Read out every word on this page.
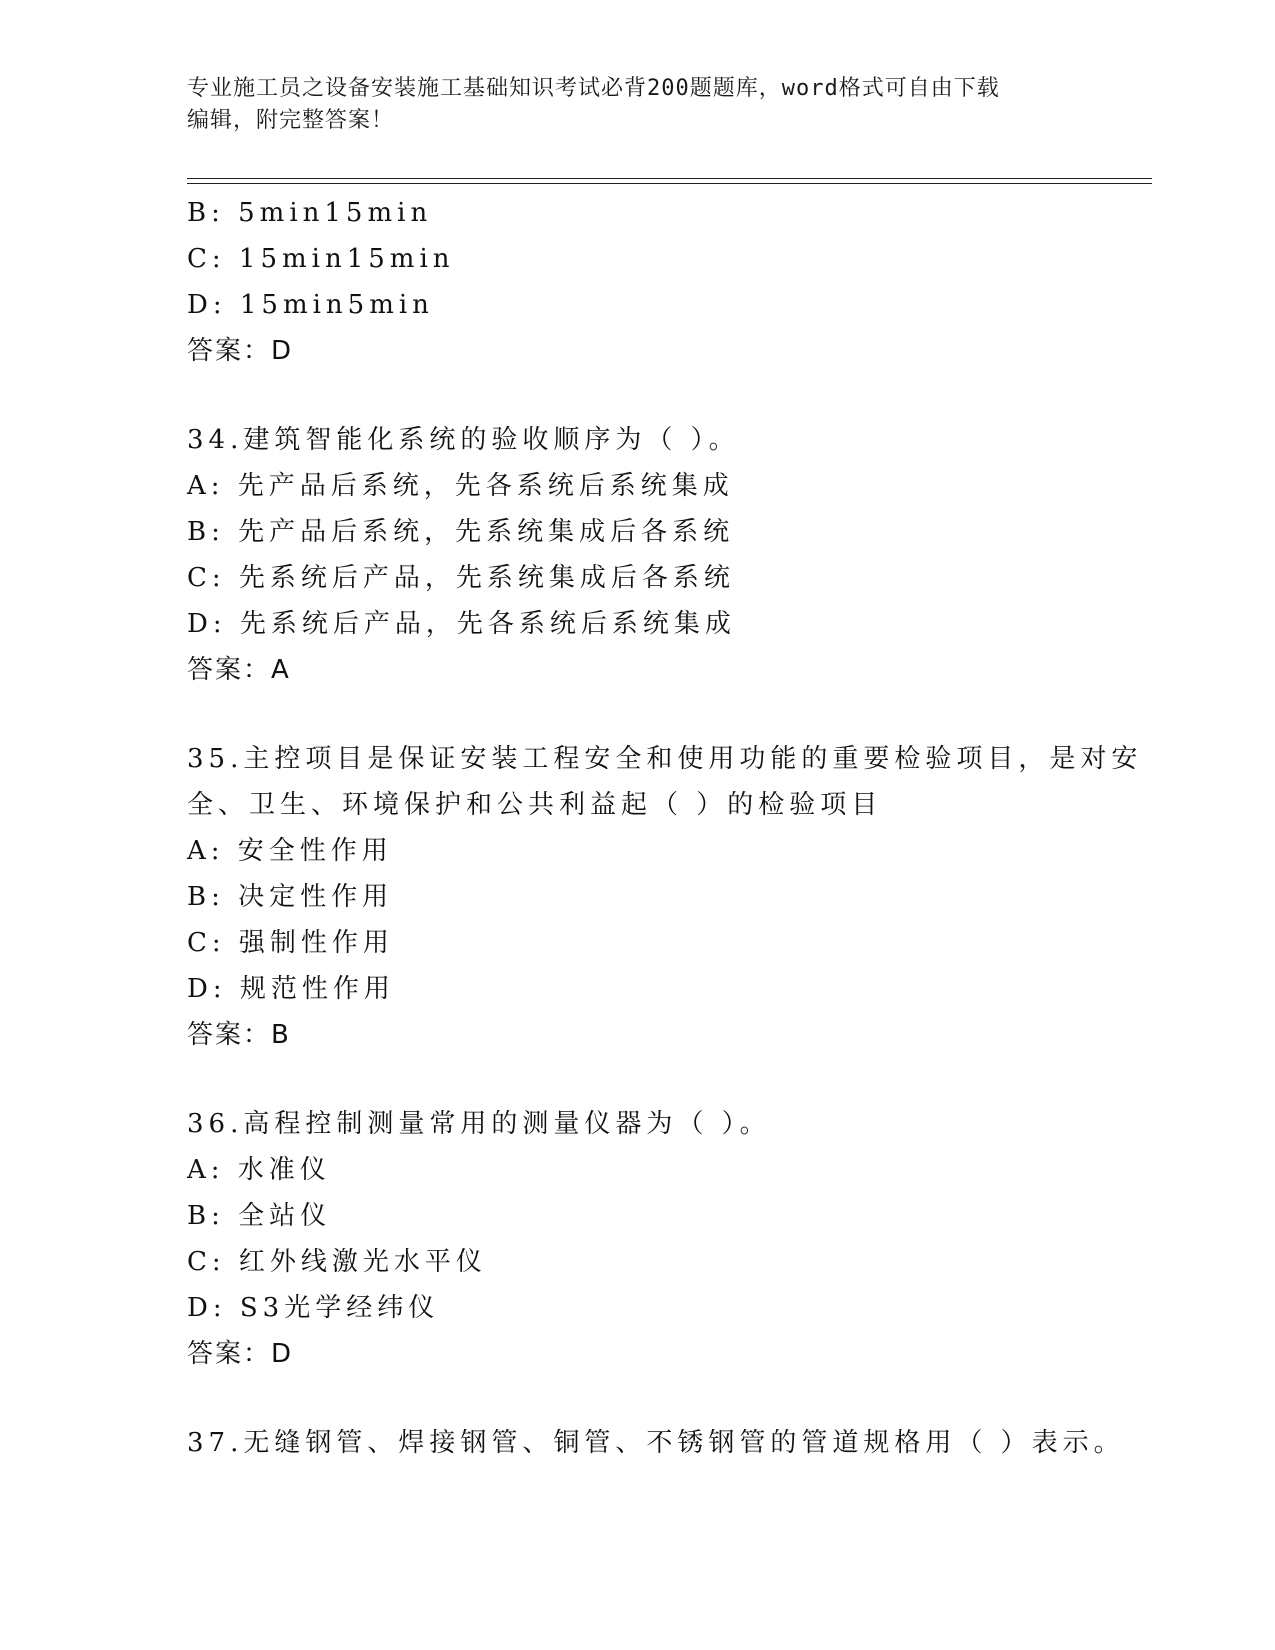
专业施工员之设备安装施工基础知识考试必背200题题库，word格式可自由下载
编辑，附完整答案！
B: 5min15min
C: 15min15min
D: 15min5min
答案：D
34.建筑智能化系统的验收顺序为（ ）。
A: 先产品后系统，先各系统后系统集成
B: 先产品后系统，先系统集成后各系统
C: 先系统后产品，先系统集成后各系统
D: 先系统后产品，先各系统后系统集成
答案：A
35.主控项目是保证安装工程安全和使用功能的重要检验项目，是对安
全、卫生、环境保护和公共利益起（ ）的检验项目
A: 安全性作用
B: 决定性作用
C: 强制性作用
D: 规范性作用
答案：B
36.高程控制测量常用的测量仪器为（ ）。
A: 水准仪
B: 全站仪
C: 红外线激光水平仪
D: S3光学经纬仪
答案：D
37.无缝钢管、焊接钢管、铜管、不锈钢管的管道规格用（ ）表示。
